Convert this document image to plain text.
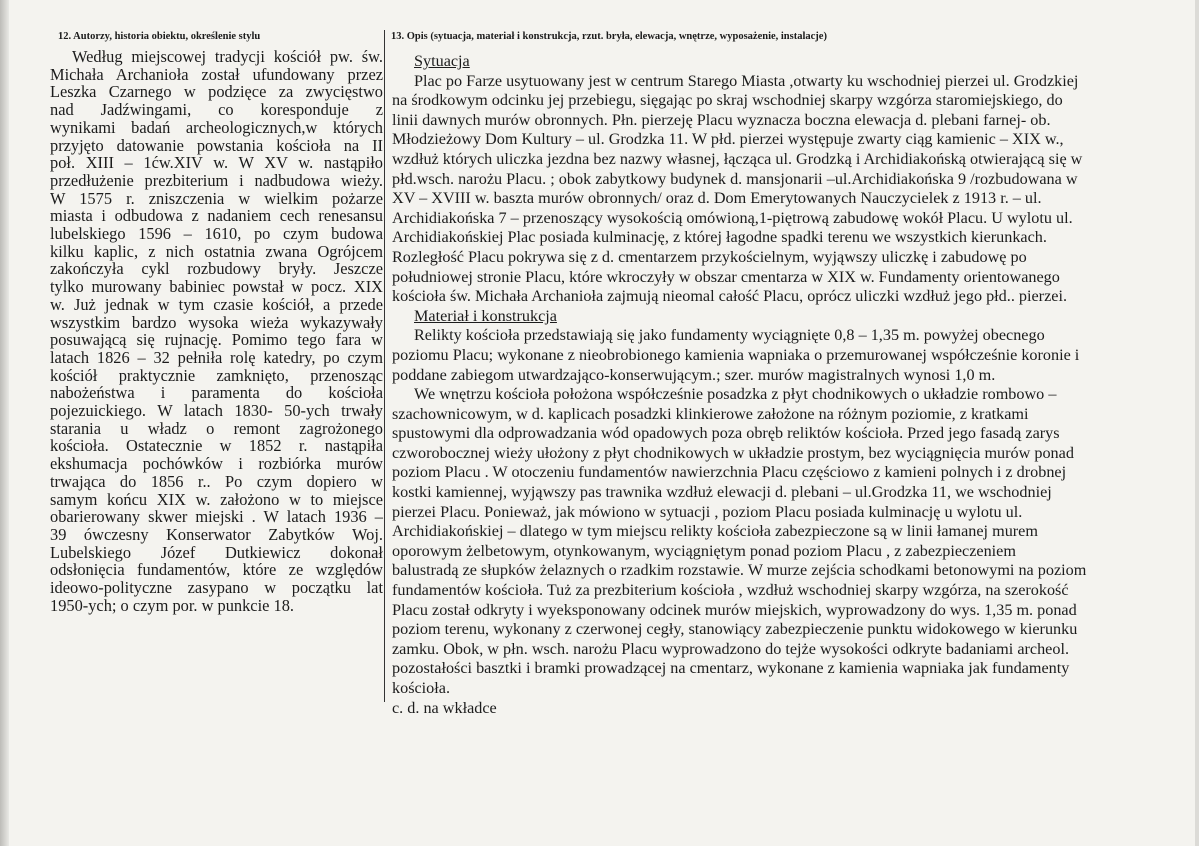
12. Autorzy, historia obiektu, określenie stylu	13. Opis (sytuacja, materiał i konstrukcja, rzut. bryła, elewacja, wnętrze, wyposażenie, instalacje)
Według miejscowej tradycji kościół pw. św.
Michała Archanioła został ufundowany przez
Leszka Czarnego w podzięce za zwycięstwo
nad Jadźwingami, co koresponduje z
wynikami badań archeologicznych,w których
przyjęto datowanie powstania kościoła na II
poł. XIII – 1ćw.XIV w. W XV w. nastąpiło
przedłużenie prezbiterium i nadbudowa wieży.
W 1575 r. zniszczenia w wielkim pożarze
miasta i odbudowa z nadaniem cech renesansu
lubelskiego 1596 – 1610, po czym budowa
kilku kaplic, z nich ostatnia zwana Ogrójcem
zakończyła cykl rozbudowy bryły. Jeszcze
tylko murowany babiniec powstał w pocz. XIX
w. Już jednak w tym czasie kościół, a przede
wszystkim bardzo wysoka wieża wykazywały
posuwającą się rujnację. Pomimo tego fara w
latach 1826 – 32 pełniła rolę katedry, po czym
kościół praktycznie zamknięto, przenosząc
nabożeństwa i paramenta do kościoła
pojezuickiego. W latach 1830- 50-ych trwały
starania u władz o remont zagrożonego
kościoła. Ostatecznie w 1852 r. nastąpiła
ekshumacja pochówków i rozbiórka murów
trwająca do 1856 r.. Po czym dopiero w
samym końcu XIX w. założono w to miejsce
obarierowany skwer miejski . W latach 1936 –
39 ówczesny Konserwator Zabytków Woj.
Lubelskiego Józef Dutkiewicz dokonał
odsłonięcia fundamentów, które ze względów
ideowo-polityczne zasypano w początku lat
1950-ych; o czym por. w punkcie 18.
Sytuacja
Plac po Farze usytuowany jest w centrum Starego Miasta ,otwarty ku wschodniej pierzei ul. Grodzkiej
na środkowym odcinku jej przebiegu, sięgając po skraj wschodniej skarpy wzgórza staromiejskiego, do
linii dawnych murów obronnych. Płn. pierzeję Placu wyznacza boczna elewacja d. plebani farnej- ob.
Młodzieżowy Dom Kultury – ul. Grodzka 11. W płd. pierzei występuje zwarty ciąg kamienic – XIX w.,
wzdłuż których uliczka jezdna bez nazwy własnej, łącząca ul. Grodzką i Archidiakońską otwierającą się w
płd.wsch. narożu Placu. ; obok zabytkowy budynek d. mansjonarii –ul.Archidiakońska 9 /rozbudowana w
XV – XVIII w. baszta murów obronnych/ oraz d. Dom Emerytowanych Nauczycielek z 1913 r. – ul.
Archidiakońska 7 – przenoszący wysokością omówioną,1-piętrową zabudowę wokół Placu. U wylotu ul.
Archidiakońskiej Plac posiada kulminację, z której łagodne spadki terenu we wszystkich kierunkach.
Rozległość Placu pokrywa się z d. cmentarzem przykościelnym, wyjąwszy uliczkę i zabudowę po
południowej stronie Placu, które wkroczyły w obszar cmentarza w XIX w. Fundamenty orientowanego
kościoła św. Michała Archanioła zajmują nieomal całość Placu, oprócz uliczki wzdłuż jego płd.. pierzei.
Materiał i konstrukcja
Relikty kościoła przedstawiają się jako fundamenty wyciągnięte 0,8 – 1,35 m. powyżej obecnego
poziomu Placu; wykonane z nieobrobionego kamienia wapniaka o przemurowanej współcześnie koronie i
poddane zabiegom utwardzająco-konserwującym.; szer. murów magistralnych wynosi 1,0 m.
We wnętrzu kościoła położona współcześnie posadzka z płyt chodnikowych o układzie rombowo –
szachownicowym, w d. kaplicach posadzki klinkierowe założone na różnym poziomie, z kratkami
spustowymi dla odprowadzania wód opadowych poza obręb reliktów kościoła. Przed jego fasadą zarys
czworobocznej wieży ułożony z płyt chodnikowych w układzie prostym, bez wyciągnięcia murów ponad
poziom Placu . W otoczeniu fundamentów nawierzchnia Placu częściowo z kamieni polnych i z drobnej
kostki kamiennej, wyjąwszy pas trawnika wzdłuż elewacji d. plebani – ul.Grodzka 11, we wschodniej
pierzei Placu. Ponieważ, jak mówiono w sytuacji , poziom Placu posiada kulminację u wylotu ul.
Archidiakońskiej – dlatego w tym miejscu relikty kościoła zabezpieczone są w linii łamanej murem
oporowym żelbetowym, otynkowanym, wyciągniętym ponad poziom Placu , z zabezpieczeniem
balustradą ze słupków żelaznych o rzadkim rozstawie. W murze zejścia schodkami betonowymi na poziom
fundamentów kościoła. Tuż za prezbiterium kościoła , wzdłuż wschodniej skarpy wzgórza, na szerokość
Placu został odkryty i wyeksponowany odcinek murów miejskich, wyprowadzony do wys. 1,35 m. ponad
poziom terenu, wykonany z czerwonej cegły, stanowiący zabezpieczenie punktu widokowego w kierunku
zamku. Obok, w płn. wsch. narożu Placu wyprowadzono do tejże wysokości odkryte badaniami archeol.
pozostałości basztki i bramki prowadzącej na cmentarz, wykonane z kamienia wapniaka jak fundamenty
kościoła.
c. d. na wkładce
